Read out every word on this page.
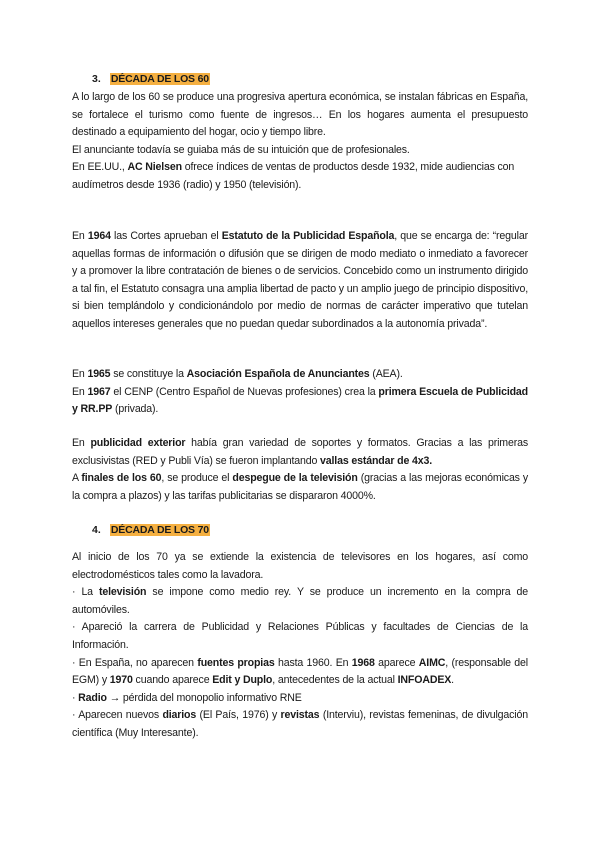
3. DÉCADA DE LOS 60

A lo largo de los 60 se produce una progresiva apertura económica, se instalan fábricas en España, se fortalece el turismo como fuente de ingresos… En los hogares aumenta el presupuesto destinado a equipamiento del hogar, ocio y tiempo libre.

El anunciante todavía se guiaba más de su intuición que de profesionales.

En EE.UU., AC Nielsen ofrece índices de ventas de productos desde 1932, mide audiencias con audímetros desde 1936 (radio) y 1950 (televisión).

En 1964 las Cortes aprueban el Estatuto de la Publicidad Española, que se encarga de: “regular aquellas formas de información o difusión que se dirigen de modo mediato o inmediato a favorecer y a promover la libre contratación de bienes o de servicios. Concebido como un instrumento dirigido a tal fin, el Estatuto consagra una amplia libertad de pacto y un amplio juego de principio dispositivo, si bien templándolo y condicionándolo por medio de normas de carácter imperativo que tutelan aquellos intereses generales que no puedan quedar subordinados a la autonomía privada”.

En 1965 se constituye la Asociación Española de Anunciantes (AEA).

En 1967 el CENP (Centro Español de Nuevas profesiones) crea la primera Escuela de Publicidad y RR.PP (privada).

En publicidad exterior había gran variedad de soportes y formatos. Gracias a las primeras exclusivistas (RED y Publi Vía) se fueron implantando vallas estándar de 4x3.

A finales de los 60, se produce el despegue de la televisión (gracias a las mejoras económicas y la compra a plazos) y las tarifas publicitarias se dispararon 4000%.

4. DÉCADA DE LOS 70

Al inicio de los 70 ya se extiende la existencia de televisores en los hogares, así como electrodomésticos tales como la lavadora.

· La televisión se impone como medio rey. Y se produce un incremento en la compra de automóviles.

· Apareció la carrera de Publicidad y Relaciones Públicas y facultades de Ciencias de la Información.

· En España, no aparecen fuentes propias hasta 1960. En 1968 aparece AIMC, (responsable del EGM) y 1970 cuando aparece Edit y Duplo, antecedentes de la actual INFOADEX.

· Radio → pérdida del monopolio informativo RNE

· Aparecen nuevos diarios (El País, 1976) y revistas (Interviu), revistas femeninas, de divulgación científica (Muy Interesante).
